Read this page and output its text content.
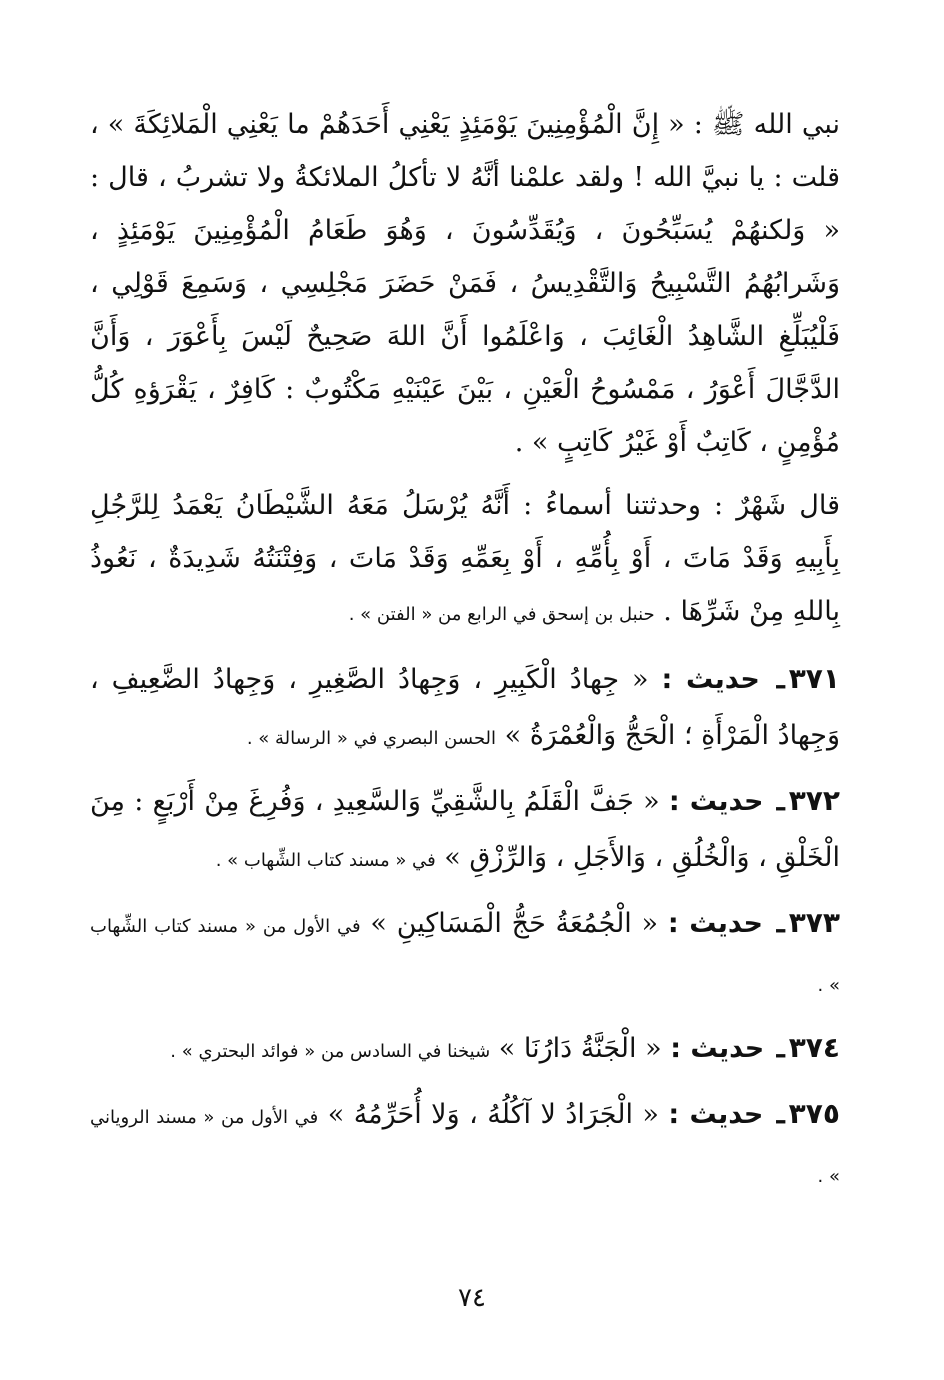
نبي الله ﷺ : « إِنَّ الْمُؤْمِنِينَ يَوْمَئِذٍ يَعْنِي أَحَدَهُمْ ما يَعْنِي الْمَلائِكَةَ » ، قلت : يا نبيَّ الله ! ولقد علمْنا أنَّهُ لا تأكلُ الملائكةُ ولا تشربُ ، قال : « وَلكنهُمْ يُسَبِّحُونَ ، وَيُقَدِّسُونَ ، وَهُوَ طَعَامُ الْمُؤْمِنِينَ يَوْمَئِذٍ ، وَشَرابُهُمُ التَّسْبِيحُ وَالتَّقْدِيسُ ، فَمَنْ حَضَرَ مَجْلِسِي ، وَسَمِعَ قَوْلِي ، فَلْيُبَلِّغِ الشَّاهِدُ الْغَائِبَ ، وَاعْلَمُوا أَنَّ اللهَ صَحِيحٌ لَيْسَ بِأَعْوَرَ ، وَأَنَّ الدَّجَّالَ أَعْوَرُ ، مَمْسُوحُ الْعَيْنِ ، بَيْنَ عَيْنَيْهِ مَكْتُوبٌ : كَافِرٌ ، يَقْرَؤهِ كُلُّ مُؤْمِنٍ ، كَاتِبٌ أَوْ غَيْرُ كَاتِبٍ » .

قال شَهْرٌ : وحدثتنا أسماءُ : أَنَّهُ يُرْسَلُ مَعَهُ الشَّيْطَانُ يَعْمَدُ لِلرَّجُلِ بِأَبِيهِ وَقَدْ مَاتَ ، أَوْ بِأُمِّهِ ، أَوْ بِعَمِّهِ وَقَدْ مَاتَ ، وَفِتْنَتُهُ شَدِيدَةٌ ، نَعُوذُ بِاللهِ مِنْ شَرِّهَا . حنبل بن إسحق في الرابع من « الفتن » .

٣٧١ـ حديث : « جِهادُ الْكَبِيرِ ، وَجِهادُ الصَّغِيرِ ، وَجِهادُ الضَّعِيفِ ، وَجِهادُ الْمَرْأَةِ ؛ الْحَجُّ وَالْعُمْرَةُ » الحسن البصري في « الرسالة » .
٣٧٢ـ حديث : « جَفَّ الْقَلَمُ بِالشَّقِيِّ وَالسَّعِيدِ ، وَفُرِغَ مِنْ أَرْبَعٍ : مِنَ الْخَلْقِ ، وَالْخُلُقِ ، وَالأَجَلِ ، وَالرِّزْقِ » في « مسند كتاب الشِّهاب » .
٣٧٣ـ حديث : « الْجُمُعَةُ حَجُّ الْمَسَاكِينِ » في الأول من « مسند كتاب الشِّهاب » .
٣٧٤ـ حديث : « الْجَنَّةُ دَارُنَا » شيخنا في السادس من « فوائد البحتري » .
٣٧٥ـ حديث : « الْجَرَادُ لا آكُلُهُ ، وَلا أُحَرِّمُهُ » في الأول من « مسند الروياني » .
٧٤
